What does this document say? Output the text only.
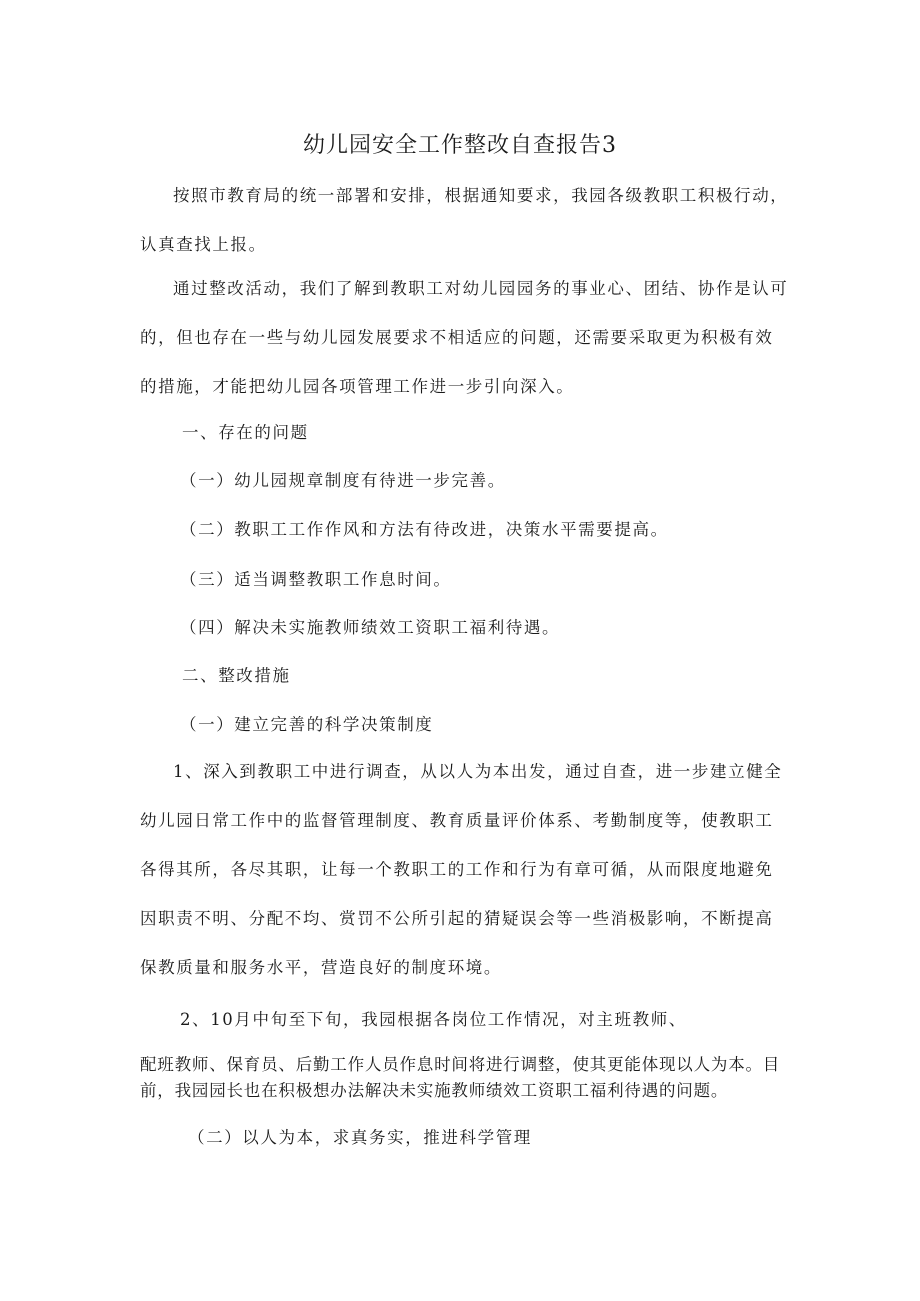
幼儿园安全工作整改自查报告3

按照市教育局的统一部署和安排，根据通知要求，我园各级教职工积极行动，认真查找上报。

通过整改活动，我们了解到教职工对幼儿园园务的事业心、团结、协作是认可的，但也存在一些与幼儿园发展要求不相适应的问题，还需要采取更为积极有效的措施，才能把幼儿园各项管理工作进一步引向深入。

一、存在的问题

（一）幼儿园规章制度有待进一步完善。

（二）教职工工作作风和方法有待改进，决策水平需要提高。

（三）适当调整教职工作息时间。

（四）解决未实施教师绩效工资职工福利待遇。

二、整改措施

（一）建立完善的科学决策制度

1、深入到教职工中进行调查，从以人为本出发，通过自查，进一步建立健全幼儿园日常工作中的监督管理制度、教育质量评价体系、考勤制度等，使教职工各得其所，各尽其职，让每一个教职工的工作和行为有章可循，从而限度地避免因职责不明、分配不均、赏罚不公所引起的猜疑误会等一些消极影响，不断提高保教质量和服务水平，营造良好的制度环境。

2、10月中旬至下旬，我园根据各岗位工作情况，对主班教师、

配班教师、保育员、后勤工作人员作息时间将进行调整，使其更能体现以人为本。目前，我园园长也在积极想办法解决未实施教师绩效工资职工福利待遇的问题。

（二）以人为本，求真务实，推进科学管理
